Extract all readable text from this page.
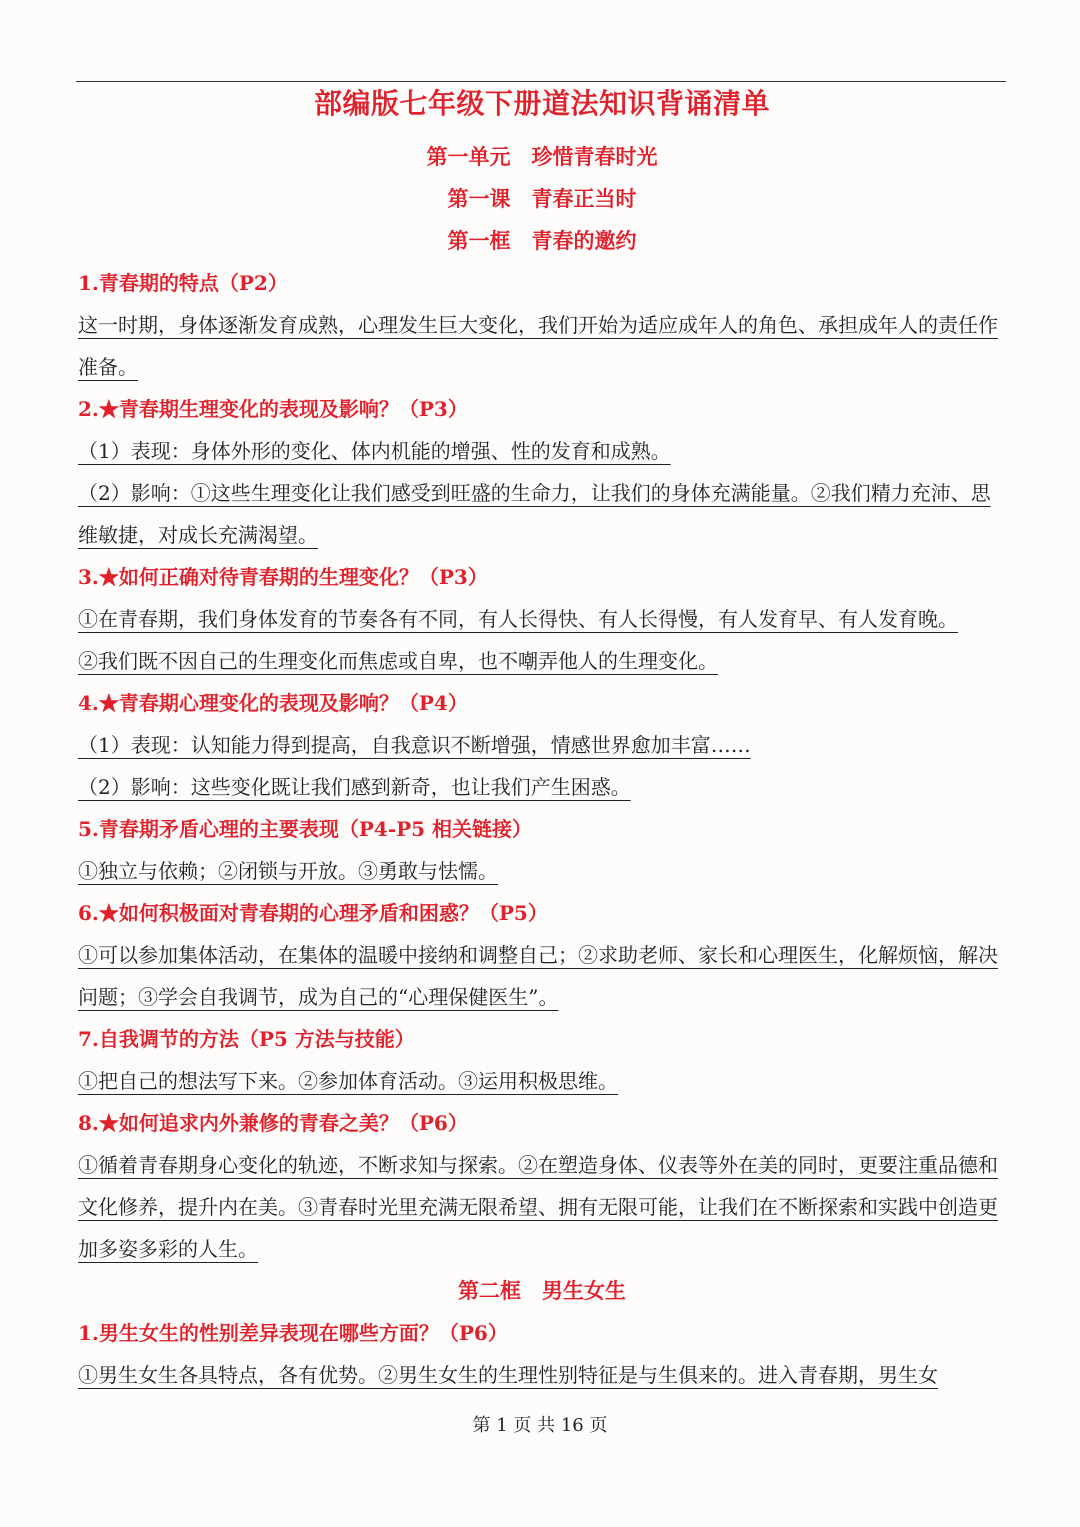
部编版七年级下册道法知识背诵清单
第一单元　珍惜青春时光
第一课　青春正当时
第一框　青春的邀约
1.青春期的特点（P2）

这一时期，身体逐渐发育成熟，心理发生巨大变化，我们开始为适应成年人的角色、承担成年人的责任作准备。

2.★青春期生理变化的表现及影响？（P3）

（1）表现：身体外形的变化、体内机能的增强、性的发育和成熟。

（2）影响：①这些生理变化让我们感受到旺盛的生命力，让我们的身体充满能量。②我们精力充沛、思维敏捷，对成长充满渴望。

3.★如何正确对待青春期的生理变化？（P3）

①在青春期，我们身体发育的节奏各有不同，有人长得快、有人长得慢，有人发育早、有人发育晚。

②我们既不因自己的生理变化而焦虑或自卑，也不嘲弄他人的生理变化。

4.★青春期心理变化的表现及影响？（P4）

（1）表现：认知能力得到提高，自我意识不断增强，情感世界愈加丰富……

（2）影响：这些变化既让我们感到新奇，也让我们产生困惑。

5.青春期矛盾心理的主要表现（P4-P5 相关链接）

①独立与依赖；②闭锁与开放。③勇敢与怯懦。

6.★如何积极面对青春期的心理矛盾和困惑？（P5）

①可以参加集体活动，在集体的温暖中接纳和调整自己；②求助老师、家长和心理医生，化解烦恼，解决问题；③学会自我调节，成为自己的“心理保健医生”。

7.自我调节的方法（P5 方法与技能）

①把自己的想法写下来。②参加体育活动。③运用积极思维。

8.★如何追求内外兼修的青春之美？（P6）

①循着青春期身心变化的轨迹，不断求知与探索。②在塑造身体、仪表等外在美的同时，更要注重品德和文化修养，提升内在美。③青春时光里充满无限希望、拥有无限可能，让我们在不断探索和实践中创造更加多姿多彩的人生。

第二框　男生女生
1.男生女生的性别差异表现在哪些方面？（P6）

①男生女生各具特点，各有优势。②男生女生的生理性别特征是与生俱来的。进入青春期，男生女

第 1 页 共 16 页
